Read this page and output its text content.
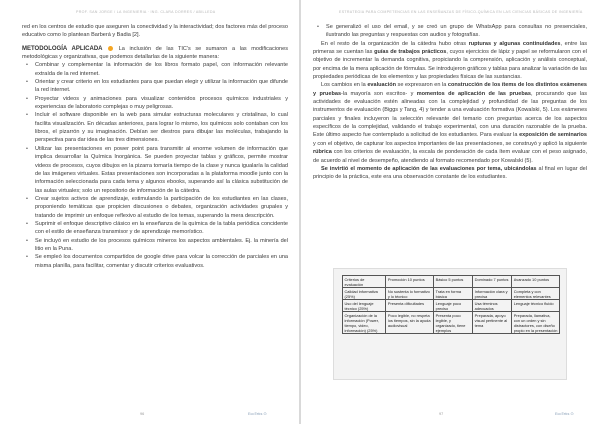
PROF. SAN JORGE / LA INGENIERIA · ING. CLARA DORRES / ABILLEDA

red en los centros de estudio que aseguren la conectividad y la interactividad; dos factores más del proceso educativo como lo plantean Barberá y Badia [2].

METODOLOGÍA APLICADA	La inclusión de las TIC's se sumaron a las modificaciones metodológicas y organizativas, que podemos detallarlas de la siguiente manera:

• Combinar y complementar la información de los libros formato papel, con información relevante extraída de la red internet.
• Orientar y crear criterio en los estudiantes para que puedan elegir y utilizar la información que difunde la red internet.
• Proyectar videos y animaciones para visualizar contenidos procesos químicos industriales y experiencias de laboratorio complejas o muy peligrosas.
• Incluir el software disponible en la web para simular estructuras moleculares y cristalinas, lo cual facilita visualización. En décadas anteriores, para lograr lo mismo, los químicos solo contaban con los libros, el pizarrón y su imaginación. Debían ser diestros para dibujar las moléculas, trabajando la perspectiva para dar idea de las tres dimensiones.
• Utilizar las presentaciones en power point para transmitir al enorme volumen de información que implica desarrollar la Química Inorgánica. Se pueden proyectar tablas y gráficos, permite mostrar videos de procesos, cuyos dibujos en la pizarra tomaría tiempo de la clase y nunca igualaría la calidad de las imágenes virtuales. Estas presentaciones son incorporadas a la plataforma moodle junto con la información seleccionada para cada tema y algunos ebooks, superando así la clásica substitución de las aulas virtuales; solo un repositorio de información de la cátedra.
• Crear sujetos activos de aprendizaje, estimulando la participación de los estudiantes en las clases, proponiendo temáticas que propicien discusiones o debates, organización actividades grupales y tratando de imprimir un enfoque reflexivo al estudio de los temas, superando la mera descripción.
• Suprimir el enfoque descriptivo clásico en la enseñanza de la química de la tabla periódica concidente con el estilo de enseñanza transmisor y de aprendizaje memorístico.
• Se incluyó en estudio de los procesos químicos mineros los aspectos ambientales. Ej. la minería del litio en la Puna.
• Se empleó los documentos compartidos de google drive para volcar la corrección de parciales en una misma planilla, para facilitar, comentar y discutir criterios evaluativos.
96	EcoTeks ⊙
ESTRATEGIA PARA COMPETENCIAS EN LAS ENSEÑANZAS DE FÍSICO-QUÍMICA EN LAS CIENCIAS BÁSICAS DE INGENIERÍA
• Se generalizó el uso del email, y se creó un grupo de WhatsApp para consultas no presenciales, ilustrando las preguntas y respuestas con audios y fotografías.

En el resto de la organización de la cátedra hubo otras rupturas y algunas continuidades, entre las primeras se cuentan las guías de trabajos prácticos, cuyos ejercicios de lápiz y papel se reformularon con el objetivo de incrementar la demanda cognitiva, propiciando la comprensión, aplicación y análisis conceptual, por encima de la mera aplicación de fórmulas. Se introdujeron gráficos y tablas para analizar la variación de las propiedades periódicas de los elementos y las propiedades físicas de las sustancias.

Los cambios en la evaluación se expresaron en la construcción de los ítems de los distintos exámenes y pruebas-la mayoría son escritos- y momentos de aplicación de las pruebas, procurando que las actividades de evaluación estén alineadas con la complejidad y profundidad de las preguntas de los instrumentos de evaluación (Biggs y Tang, 4) y tender a una evaluación formativa (Kowalski, 5). Los exámenes parciales y finales incluyeron la selección relevante del temario con preguntas acerca de los aspectos específicos de la complejidad, validando el trabajo experimental, con una duración razonable de la prueba. Este último aspecto fue contemplado a solicitud de los estudiantes. Para evaluar la exposición de seminarios y con el objetivo, de capturar los aspectos importantes de las presentaciones, se construyó y aplicó la siguiente rúbrica con los criterios de evaluación, la escala de ponderación de cada ítem evaluar con el peso asignado, de acuerdo al nivel de desempeño, atendiendo al formato recomendado por Kowalski (5).

Se invirtió el momento de aplicación de las evaluaciones por tema, ubicándolas al final en lugar del principio de la práctica, este era una observación constante de los estudiantes.

Criterios de evaluación	Promoción 10 puntos	Básico 5 puntos	Dominado 7 puntos	Avanzado 10 puntos
Calidad informativa (25%)	No sustenta lo formativo y lo técnico	Trata en forma básica	Información clara y precisa	Completa y con elementos relevantes
Uso del lenguaje técnico (25%)	Presenta dificultades	Lenguaje poco preciso	Usa términos adecuados	Lenguaje técnico fluido
Organización de la información (Power, tiempo, video, información) (25%)	Poco legible, no respeta los tiempos, sin la ayuda audiovisual	Presenta poco legible, y organizado, tiene ejemplos	Preparada, apoyo visual pertinente al tema	Preparada, llamativa, con un orden y sin distractores, con diseño propio en la presentación
97	EcoTeks ⊙
